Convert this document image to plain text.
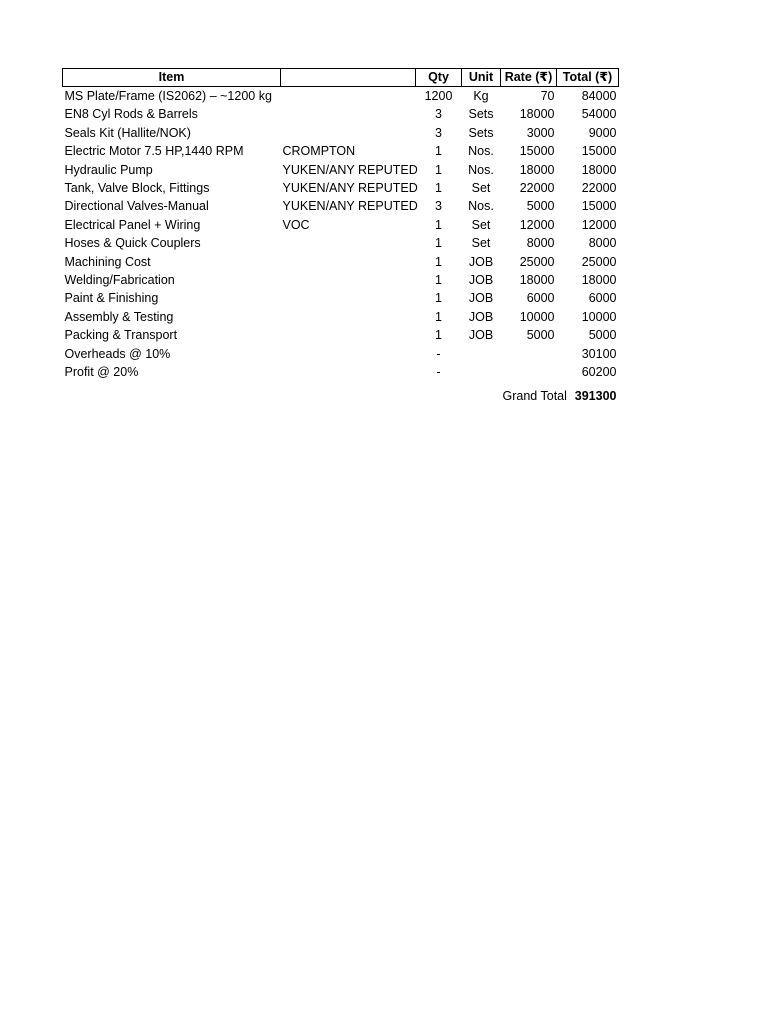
Item		Qty	Unit	Rate (₹)	Total (₹)
MS Plate/Frame (IS2062) – ~1200 kg		1200	Kg	70	84000
EN8 Cyl Rods & Barrels		3	Sets	18000	54000
Seals Kit (Hallite/NOK)		3	Sets	3000	9000
Electric Motor 7.5 HP,1440 RPM	CROMPTON	1	Nos.	15000	15000
Hydraulic Pump	YUKEN/ANY REPUTED	1	Nos.	18000	18000
Tank, Valve Block, Fittings	YUKEN/ANY REPUTED	1	Set	22000	22000
Directional Valves-Manual	YUKEN/ANY REPUTED	3	Nos.	5000	15000
Electrical Panel + Wiring	VOC	1	Set	12000	12000
Hoses & Quick Couplers		1	Set	8000	8000
Machining Cost		1	JOB	25000	25000
Welding/Fabrication		1	JOB	18000	18000
Paint & Finishing		1	JOB	6000	6000
Assembly & Testing		1	JOB	10000	10000
Packing & Transport		1	JOB	5000	5000
Overheads @ 10%		-			30100
Profit @ 20%		-			60200
				Grand Total	391300
